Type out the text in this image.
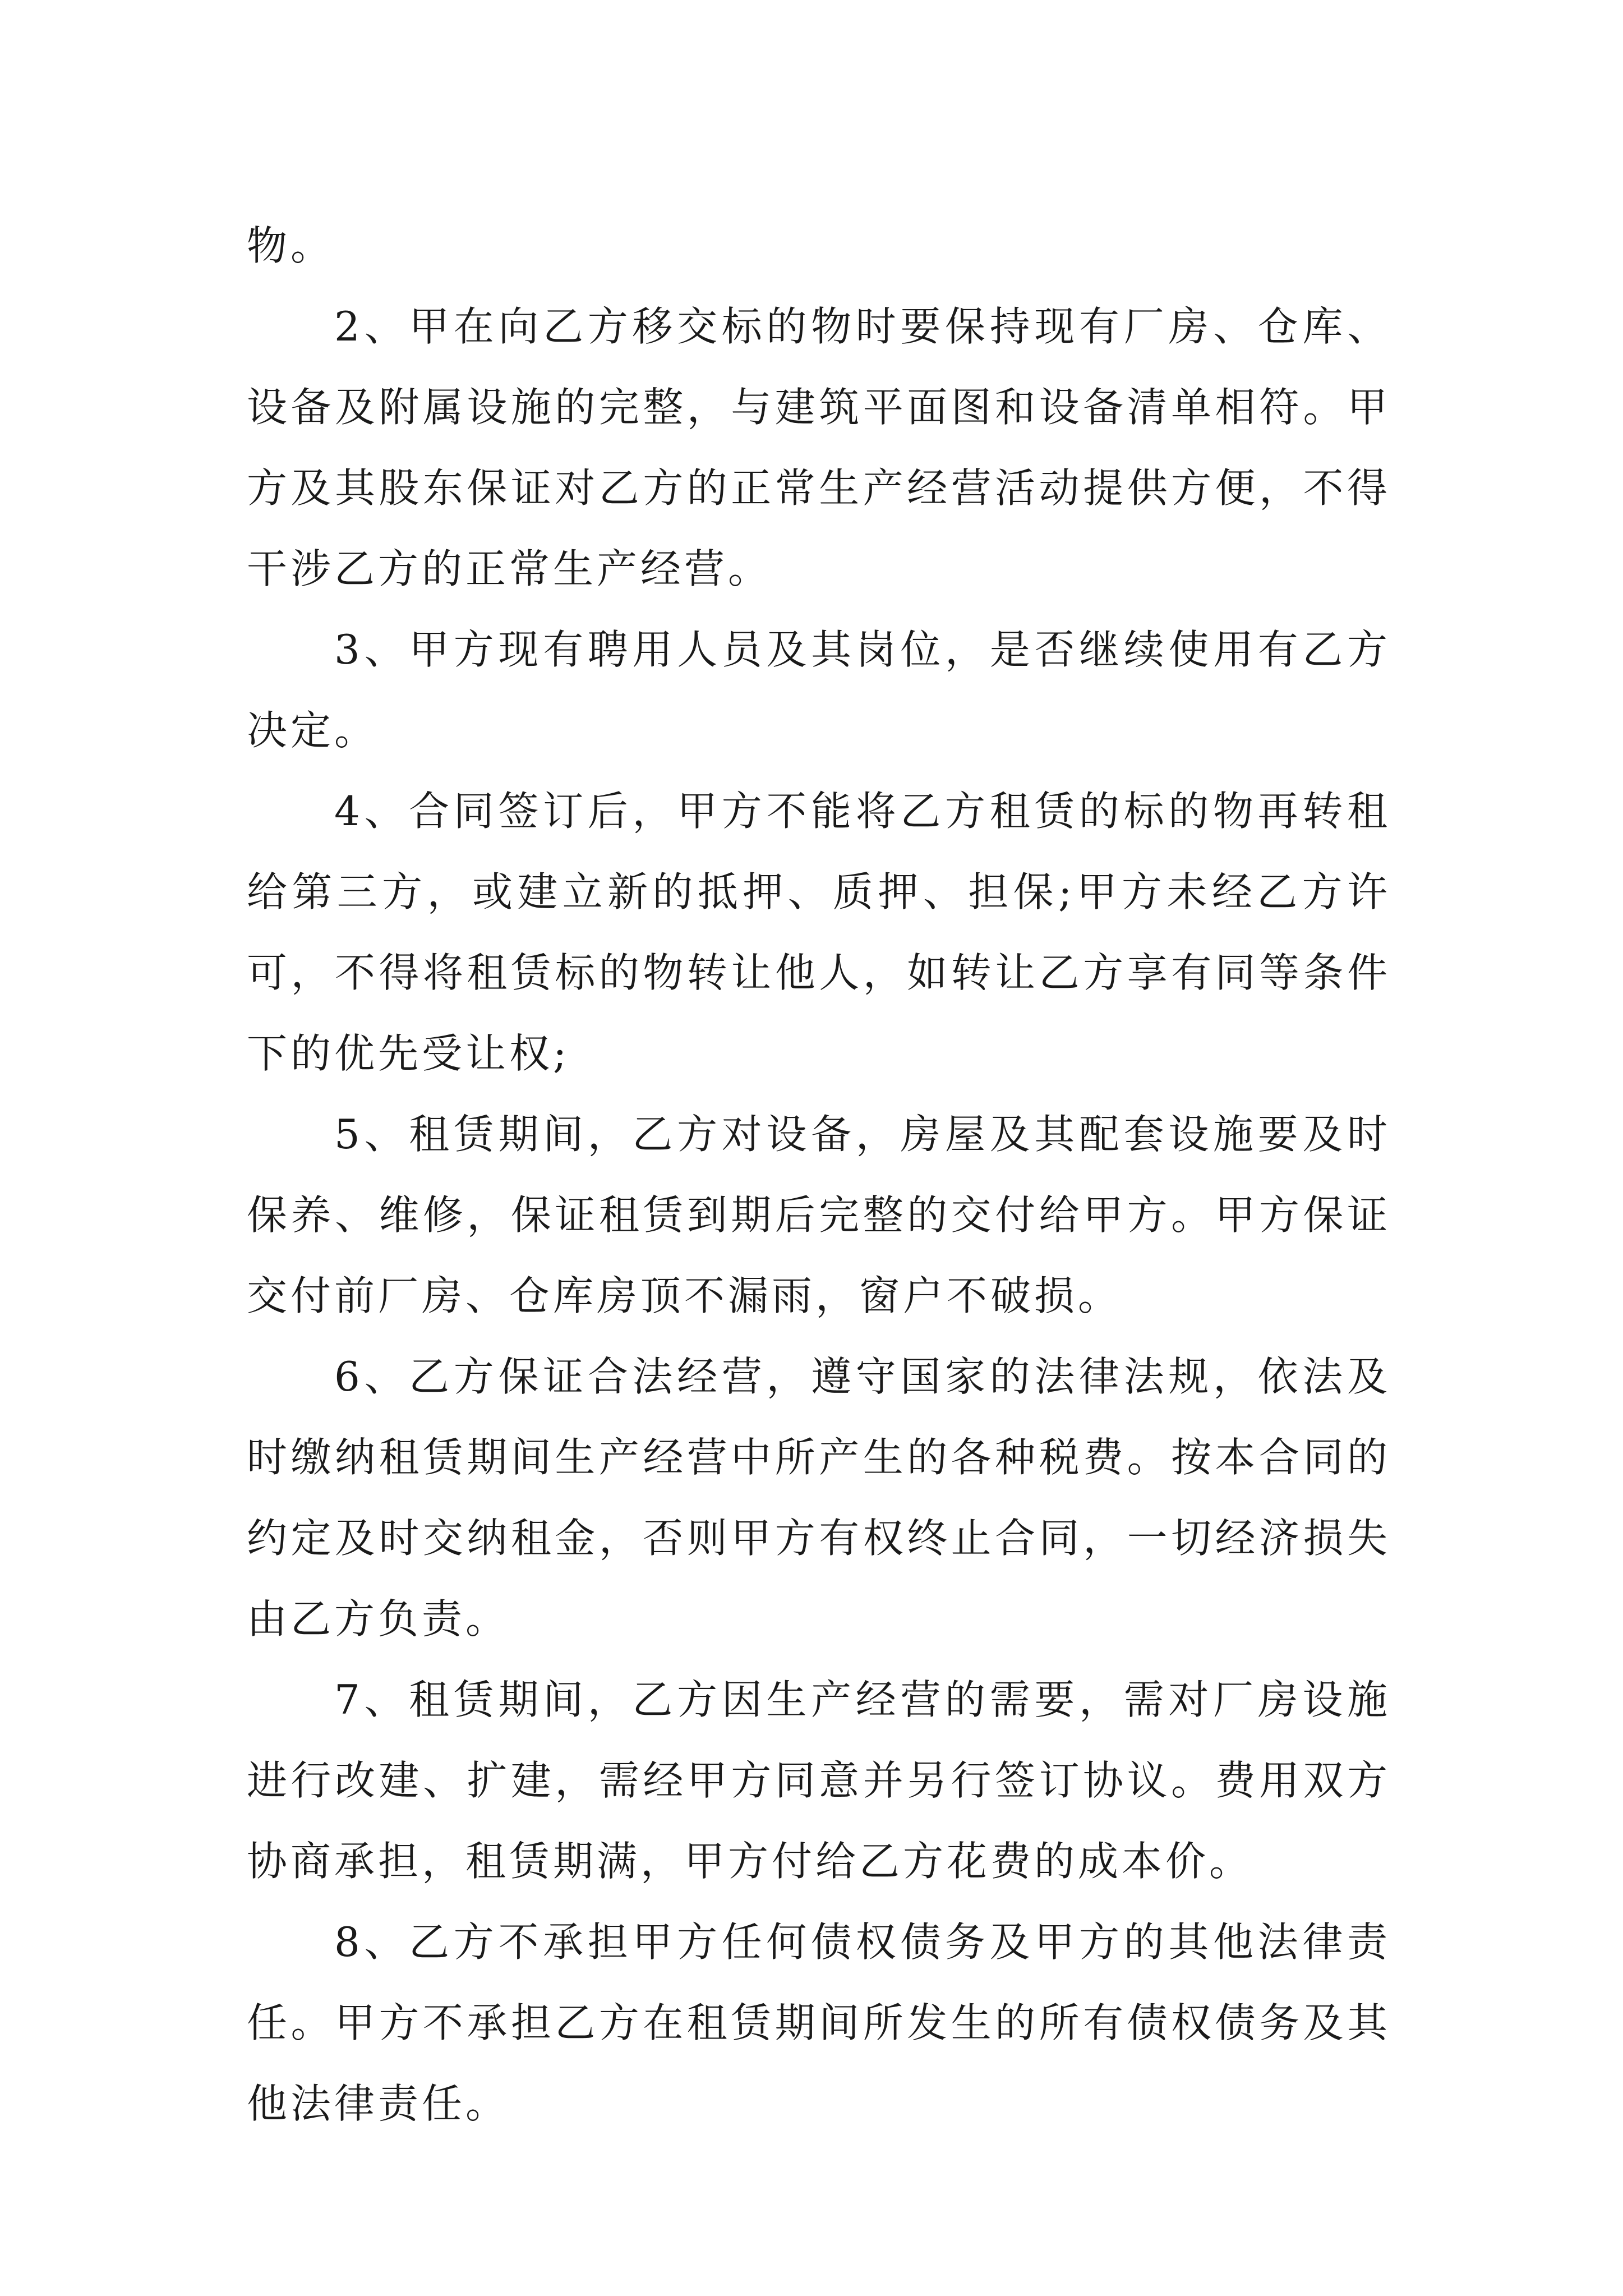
物。

2、甲在向乙方移交标的物时要保持现有厂房、仓库、设备及附属设施的完整，与建筑平面图和设备清单相符。甲方及其股东保证对乙方的正常生产经营活动提供方便，不得干涉乙方的正常生产经营。

3、甲方现有聘用人员及其岗位，是否继续使用有乙方决定。

4、合同签订后，甲方不能将乙方租赁的标的物再转租给第三方，或建立新的抵押、质押、担保;甲方未经乙方许可，不得将租赁标的物转让他人，如转让乙方享有同等条件下的优先受让权;

5、租赁期间，乙方对设备，房屋及其配套设施要及时保养、维修，保证租赁到期后完整的交付给甲方。甲方保证交付前厂房、仓库房顶不漏雨，窗户不破损。

6、乙方保证合法经营，遵守国家的法律法规，依法及时缴纳租赁期间生产经营中所产生的各种税费。按本合同的约定及时交纳租金，否则甲方有权终止合同，一切经济损失由乙方负责。

7、租赁期间，乙方因生产经营的需要，需对厂房设施进行改建、扩建，需经甲方同意并另行签订协议。费用双方协商承担，租赁期满，甲方付给乙方花费的成本价。

8、乙方不承担甲方任何债权债务及甲方的其他法律责任。甲方不承担乙方在租赁期间所发生的所有债权债务及其他法律责任。
